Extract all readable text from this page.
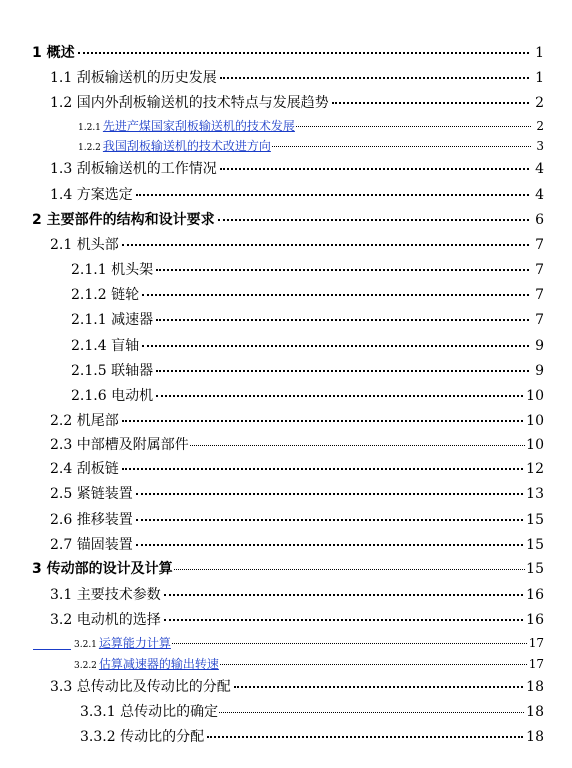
1 概述	1
1.1 刮板输送机的历史发展	1
1.2 国内外刮板输送机的技术特点与发展趋势	2
1.2.1 先进产煤国家刮板输送机的技术发展	2
1.2.2 我国刮板输送机的技术改进方向	3
1.3 刮板输送机的工作情况	4
1.4 方案选定	4
2 主要部件的结构和设计要求	6
2.1 机头部	7
2.1.1 机头架	7
2.1.2 链轮	7
2.1.1 减速器	7
2.1.4 盲轴	9
2.1.5 联轴器	9
2.1.6 电动机	10
2.2 机尾部	10
2.3 中部槽及附属部件	10
2.4 刮板链	12
2.5 紧链装置	13
2.6 推移装置	15
2.7 锚固装置	15
3 传动部的设计及计算	15
3.1 主要技术参数	16
3.2 电动机的选择	16
3.2.1 运算能力计算	17
3.2.2 估算减速器的输出转速	17
3.3 总传动比及传动比的分配	18
3.3.1 总传动比的确定	18
3.3.2 传动比的分配	18
